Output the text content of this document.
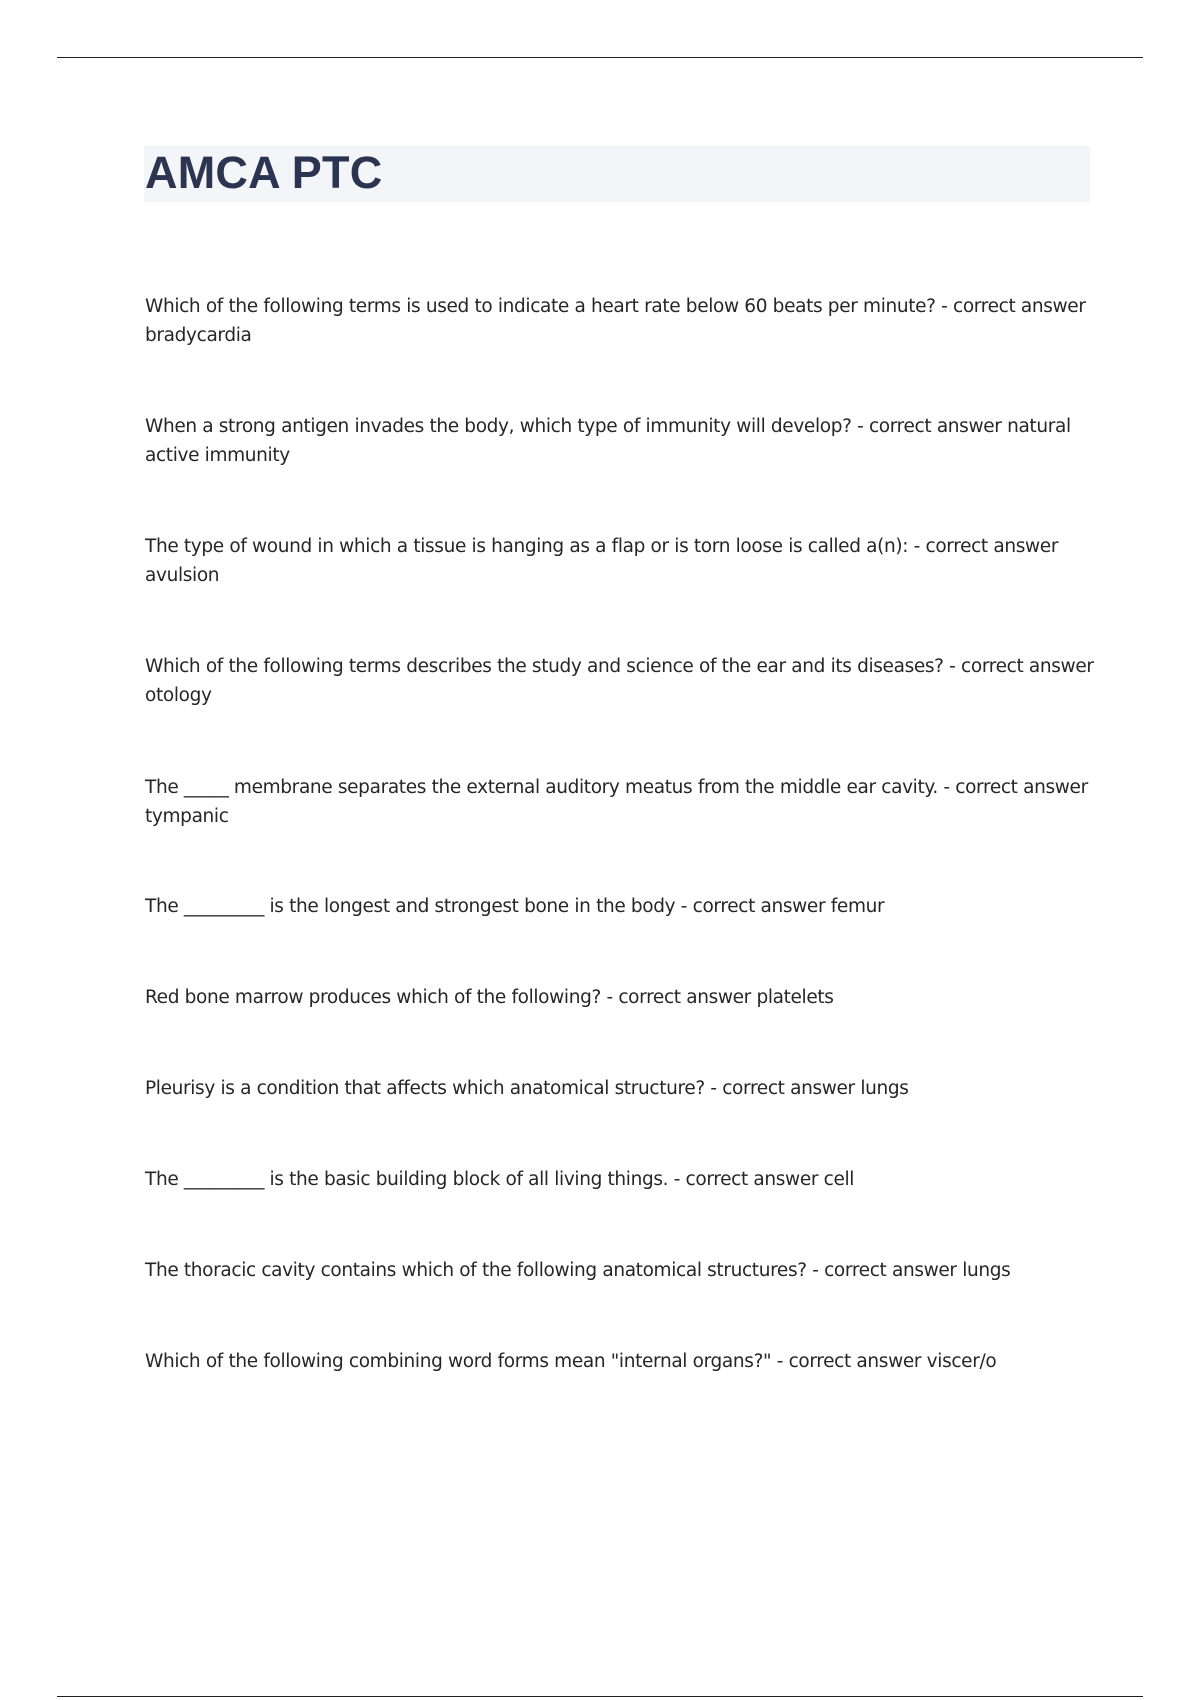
AMCA PTC
Which of the following terms is used to indicate a heart rate below 60 beats per minute? - correct answer bradycardia
When a strong antigen invades the body, which type of immunity will develop? - correct answer natural active immunity
The type of wound in which a tissue is hanging as a flap or is torn loose is called a(n): - correct answer avulsion
Which of the following terms describes the study and science of the ear and its diseases? - correct answer otology
The _____ membrane separates the external auditory meatus from the middle ear cavity. - correct answer tympanic
The _________ is the longest and strongest bone in the body - correct answer femur
Red bone marrow produces which of the following? - correct answer platelets
Pleurisy is a condition that affects which anatomical structure? - correct answer lungs
The _________ is the basic building block of all living things. - correct answer cell
The thoracic cavity contains which of the following anatomical structures? - correct answer lungs
Which of the following combining word forms mean "internal organs?" - correct answer viscer/o
